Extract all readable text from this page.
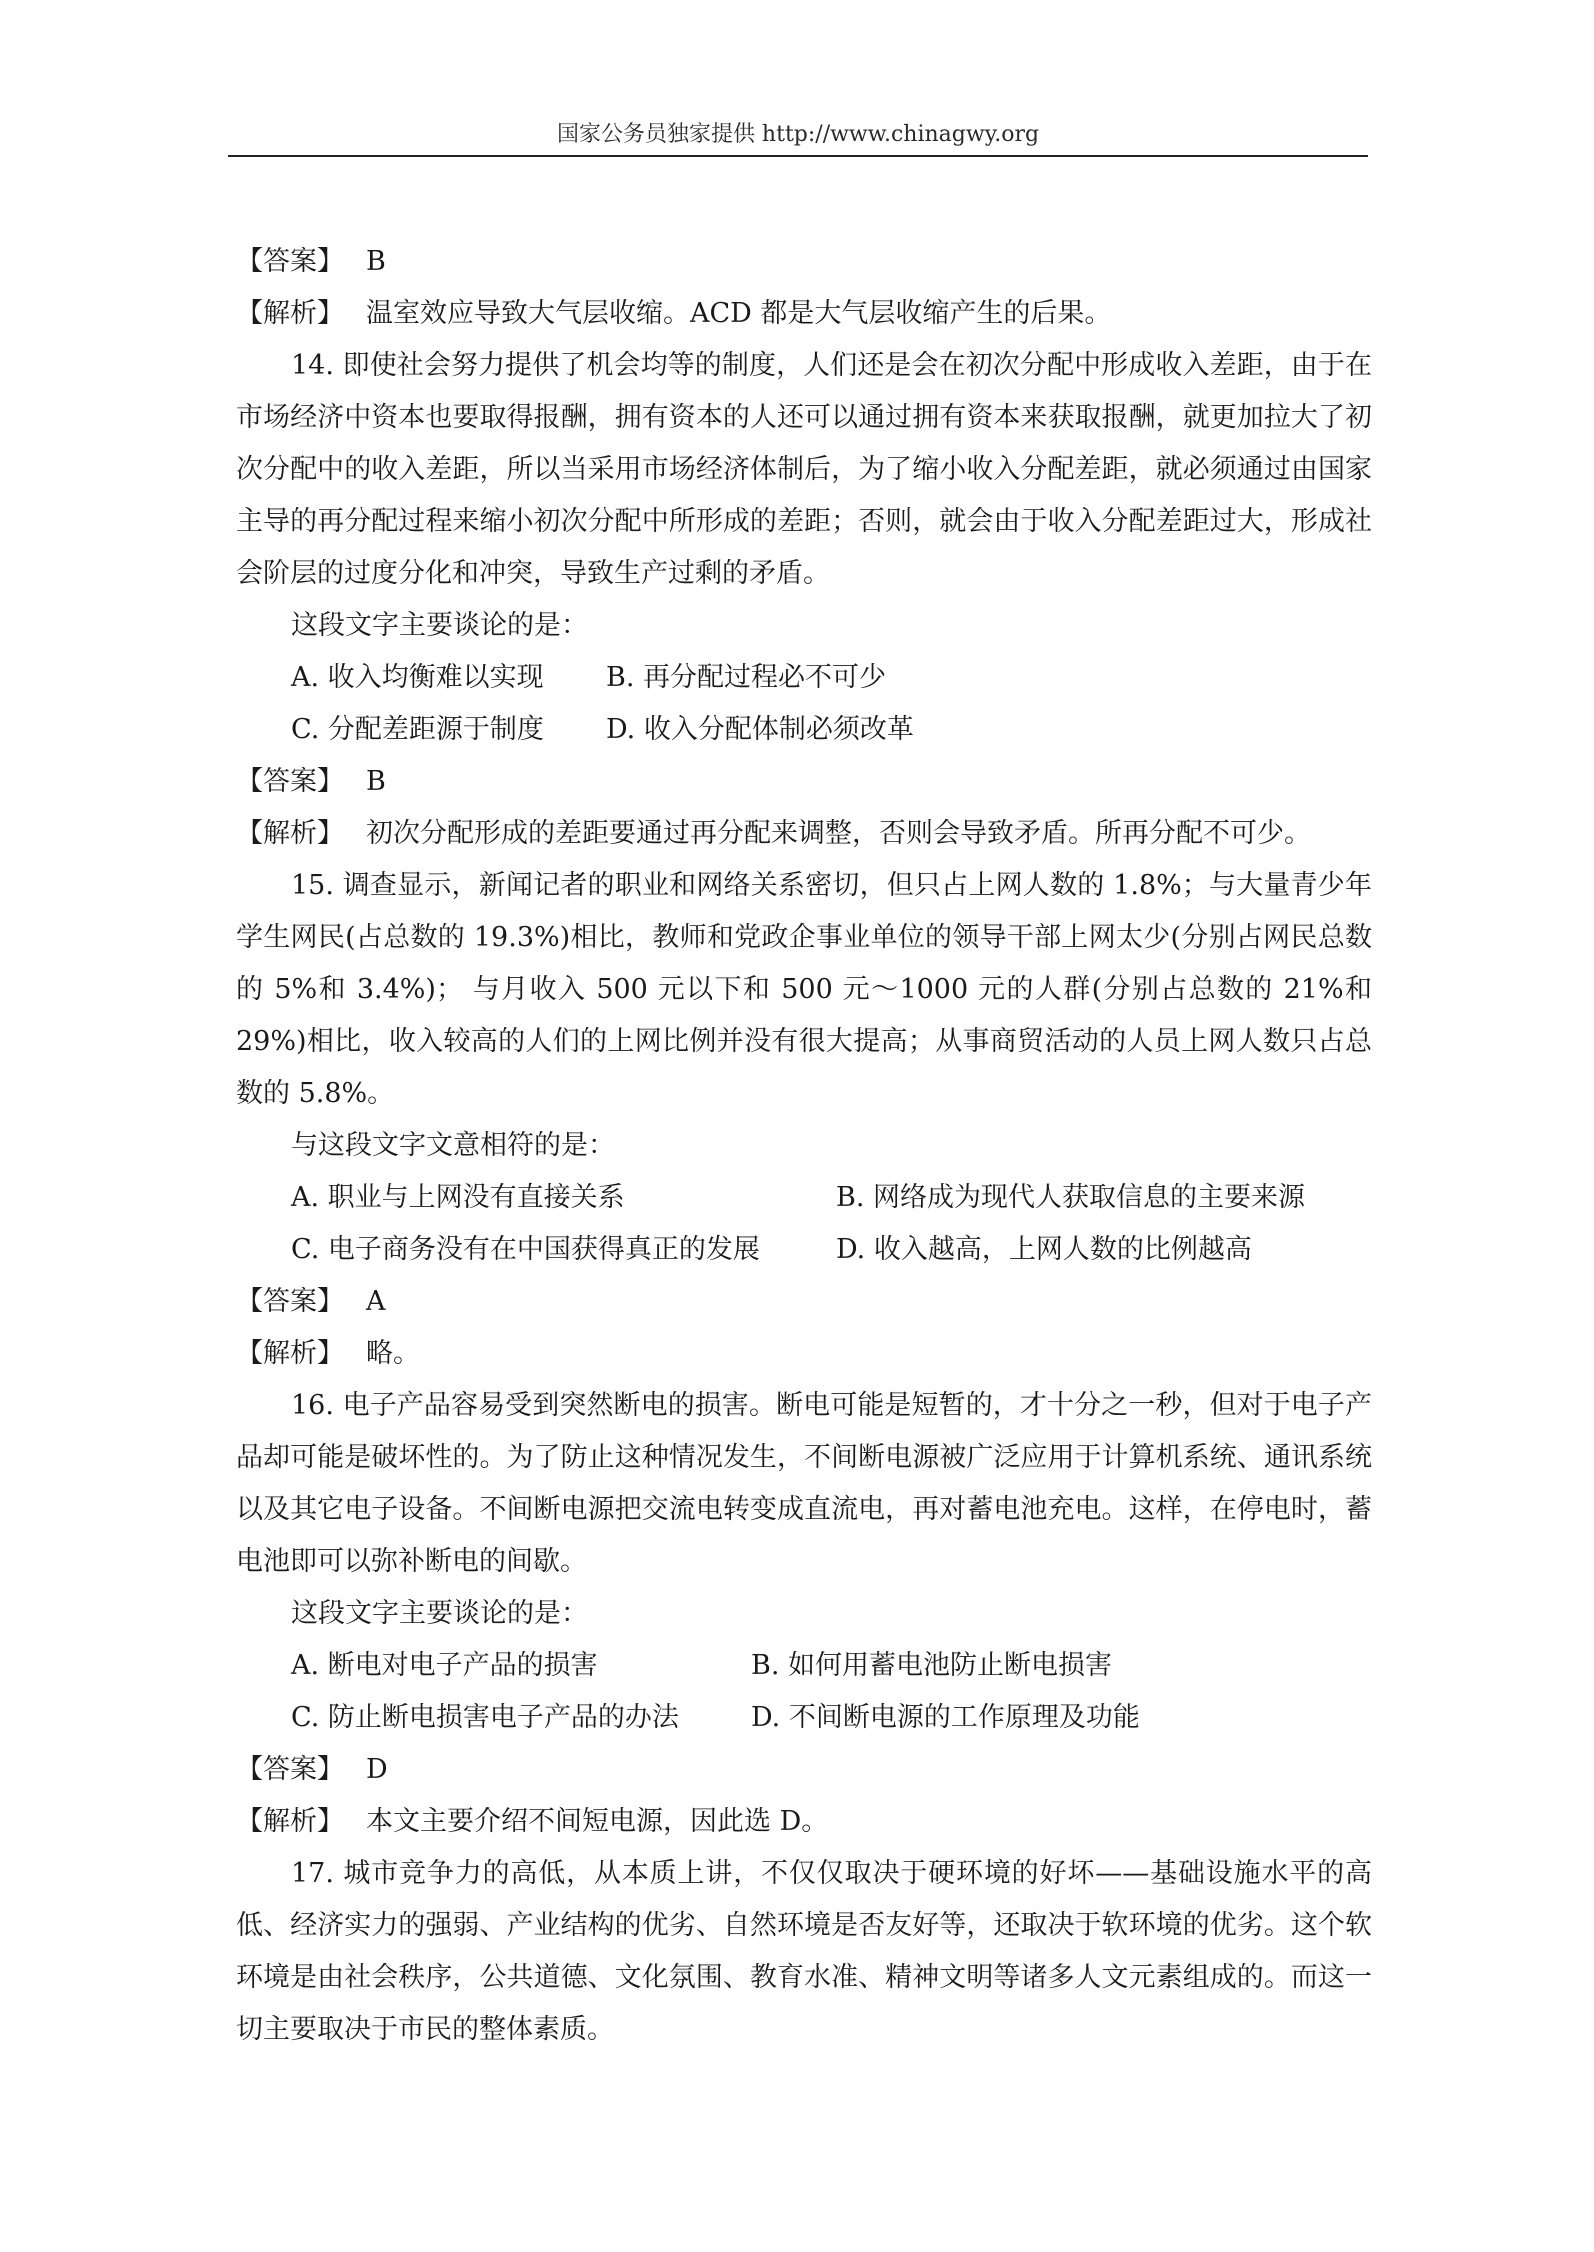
国家公务员独家提供 http://www.chinagwy.org
【答案】 B
【解析】 温室效应导致大气层收缩。ACD 都是大气层收缩产生的后果。
14. 即使社会努力提供了机会均等的制度，人们还是会在初次分配中形成收入差距，由于在市场经济中资本也要取得报酬，拥有资本的人还可以通过拥有资本来获取报酬，就更加拉大了初次分配中的收入差距，所以当采用市场经济体制后，为了缩小收入分配差距，就必须通过由国家主导的再分配过程来缩小初次分配中所形成的差距；否则，就会由于收入分配差距过大，形成社会阶层的过度分化和冲突，导致生产过剩的矛盾。
这段文字主要谈论的是：
A. 收入均衡难以实现 B. 再分配过程必不可少
C. 分配差距源于制度 D. 收入分配体制必须改革
【答案】 B
【解析】 初次分配形成的差距要通过再分配来调整，否则会导致矛盾。所再分配不可少。
15. 调查显示，新闻记者的职业和网络关系密切，但只占上网人数的 1.8%；与大量青少年学生网民(占总数的 19.3%)相比，教师和党政企事业单位的领导干部上网太少(分别占网民总数的 5%和 3.4%)； 与月收入 500 元以下和 500 元～1000 元的人群(分别占总数的 21%和 29%)相比，收入较高的人们的上网比例并没有很大提高；从事商贸活动的人员上网人数只占总数的 5.8%。
与这段文字文意相符的是：
A. 职业与上网没有直接关系	B. 网络成为现代人获取信息的主要来源
C. 电子商务没有在中国获得真正的发展	D. 收入越高，上网人数的比例越高
【答案】 A
【解析】 略。
16. 电子产品容易受到突然断电的损害。断电可能是短暂的，才十分之一秒，但对于电子产品却可能是破坏性的。为了防止这种情况发生，不间断电源被广泛应用于计算机系统、通讯系统以及其它电子设备。不间断电源把交流电转变成直流电，再对蓄电池充电。这样，在停电时，蓄电池即可以弥补断电的间歇。
这段文字主要谈论的是：
A. 断电对电子产品的损害	B. 如何用蓄电池防止断电损害
C. 防止断电损害电子产品的办法	D. 不间断电源的工作原理及功能
【答案】 D
【解析】 本文主要介绍不间短电源，因此选 D。
17. 城市竞争力的高低，从本质上讲，不仅仅取决于硬环境的好坏——基础设施水平的高低、经济实力的强弱、产业结构的优劣、自然环境是否友好等，还取决于软环境的优劣。这个软环境是由社会秩序，公共道德、文化氛围、教育水准、精神文明等诸多人文元素组成的。而这一切主要取决于市民的整体素质。
